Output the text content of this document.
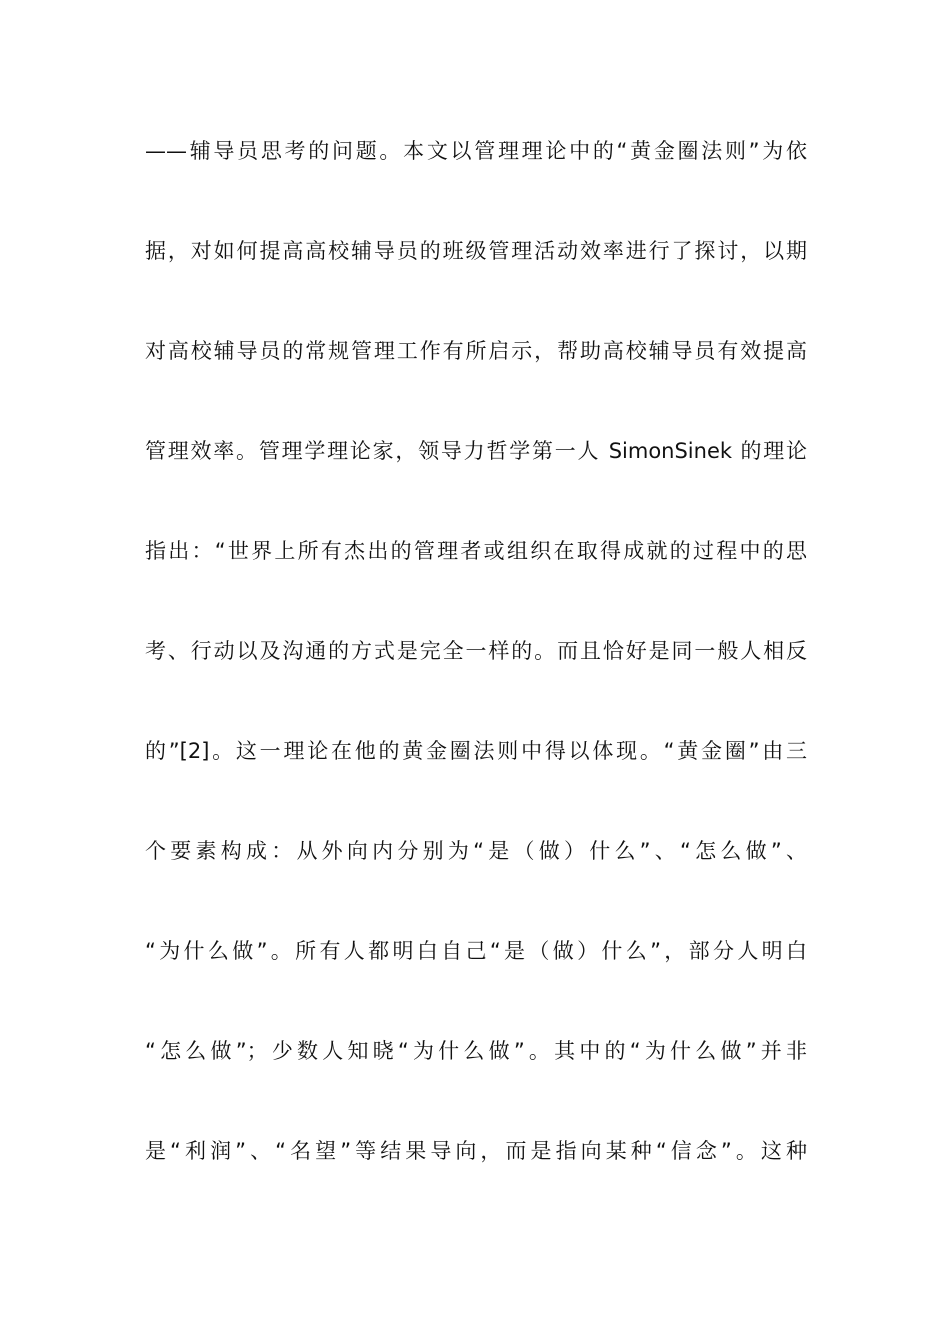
——辅导员思考的问题。本文以管理理论中的“黄金圈法则”为依
据，对如何提高高校辅导员的班级管理活动效率进行了探讨，以期
对高校辅导员的常规管理工作有所启示，帮助高校辅导员有效提高
管理效率。管理学理论家，领导力哲学第一人 SimonSinek 的理论
指出：“世界上所有杰出的管理者或组织在取得成就的过程中的思
考、行动以及沟通的方式是完全一样的。而且恰好是同一般人相反
的”[2]。这一理论在他的黄金圈法则中得以体现。“黄金圈”由三
个要素构成：从外向内分别为“是（做）什么”、“怎么做”、
“为什么做”。所有人都明白自己“是（做）什么”，部分人明白
“怎么做”；少数人知晓“为什么做”。其中的“为什么做”并非
是“利润”、“名望”等结果导向，而是指向某种“信念”。这种
